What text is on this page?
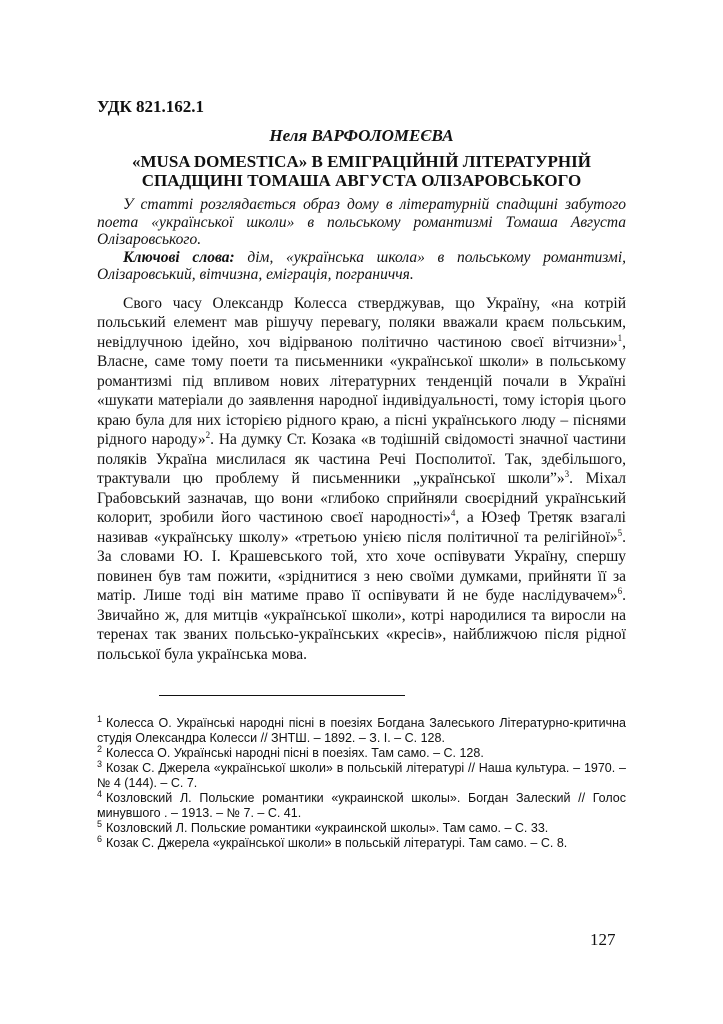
УДК 821.162.1

Неля ВАРФОЛОМЕЄВА

«MUSA DOMESTICA» В ЕМІГРАЦІЙНІЙ ЛІТЕРАТУРНІЙ
СПАДЩИНІ ТОМАША АВГУСТА ОЛІЗАРОВСЬКОГО

У статті розглядається образ дому в літературній спадщині забутого поета «української школи» в польському романтизмі Томаша Августа Олізаровського.

Ключові слова: дім, «українська школа» в польському романтизмі, Олізаровський, вітчизна, еміграція, пограниччя.

Свого часу Олександр Колесса стверджував, що Україну, «на котрій польський елемент мав рішучу перевагу, поляки вважали краєм польським, невідлучною ідейно, хоч відірваною політично частиною своєї вітчизни»$^1$, Власне, саме тому поети та письменники «української школи» в польському романтизмі під впливом нових літературних тенденцій почали в Україні «шукати матеріали до заявлення народної індивідуальності, тому історія цього краю була для них історією рідного краю, а пісні українського люду – піснями рідного народу»$^2$. На думку Ст. Козака «в тодішній свідомості значної частини поляків Україна мислилася як частина Речі Посполитої. Так, здебільшого, трактували цю проблему й письменники „української школи”»$^3$. Міхал Грабовський зазначав, що вони «глибоко сприйняли своєрідний український колорит, зробили його частиною своєї народності»$^4$, а Юзеф Третяк взагалі називав «українську школу» «третьою унією після політичної та релігійної»$^5$. За словами Ю. І. Крашевського той, хто хоче оспівувати Україну, спершу повинен був там пожити, «зріднитися з нею своїми думками, прийняти її за матір. Лише тоді він матиме право її оспівувати й не буде наслідувачем»$^6$. Звичайно ж, для митців «української школи», котрі народилися та виросли на теренах так званих польсько-українських «кресів», найближчою після рідної польської була українська мова.

$^1$ Колесса О. Українські народні пісні в поезіях Богдана Залеського Літературно-критична студія Олександра Колесси // ЗНТШ. – 1892. – З. І. – С. 128.

$^2$ Колесса О. Українські народні пісні в поезіях. Там само. – С. 128.

$^3$ Козак С. Джерела «української школи» в польській літературі // Наша культура. – 1970. – № 4 (144). – С. 7.

$^4$ Козловский Л. Польские романтики «украинской школы». Богдан Залеский // Голос минувшого . – 1913. – № 7. – С. 41.

$^5$ Козловский Л. Польские романтики «украинской школы». Там само. – С. 33.

$^6$ Козак С. Джерела «української школи» в польській літературі. Там само. – С. 8.

127
